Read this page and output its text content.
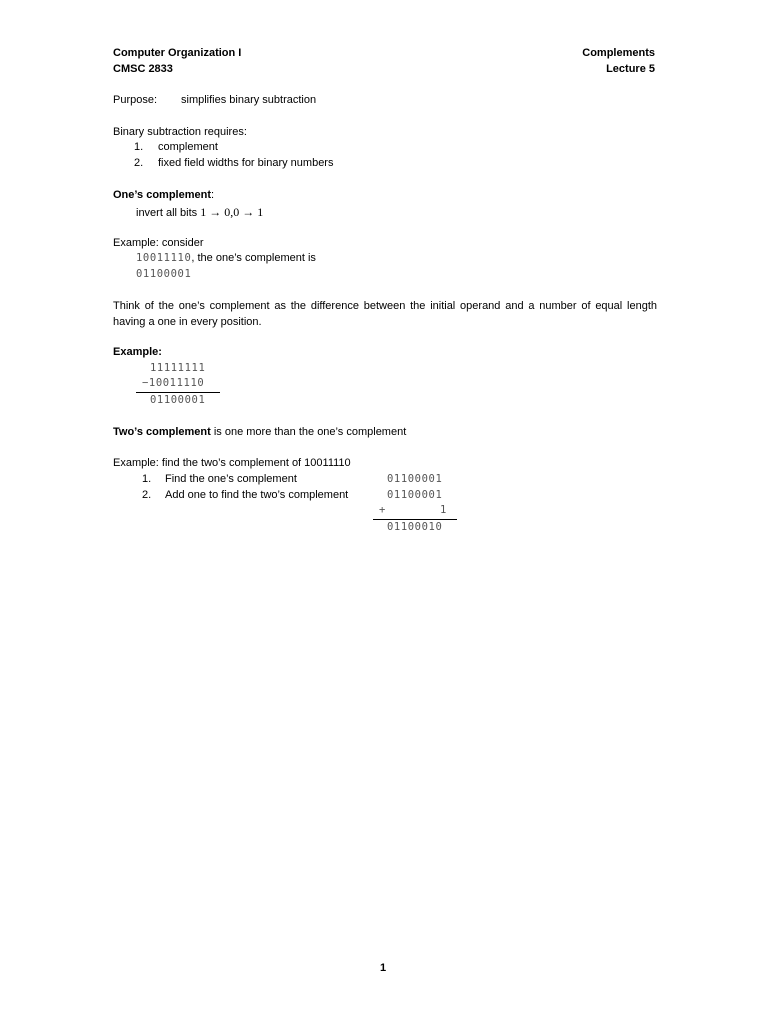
Computer Organization I
CMSC 2833
Complements
Lecture 5
Purpose: simplifies binary subtraction
Binary subtraction requires:
1. complement
2. fixed field widths for binary numbers
One’s complement:
invert all bits 1 → 0,0 → 1
Example: consider
10011110, the one’s complement is
01100001
Think of the one’s complement as the difference between the initial operand and a number of equal length having a one in every position.
Example:
11111111
−10011110
01100001
Two’s complement is one more than the one’s complement
Example: find the two’s complement of 10011110
1. Find the one’s complement
2. Add one to find the two’s complement
01100001
01100001
+	1
01100010
1
